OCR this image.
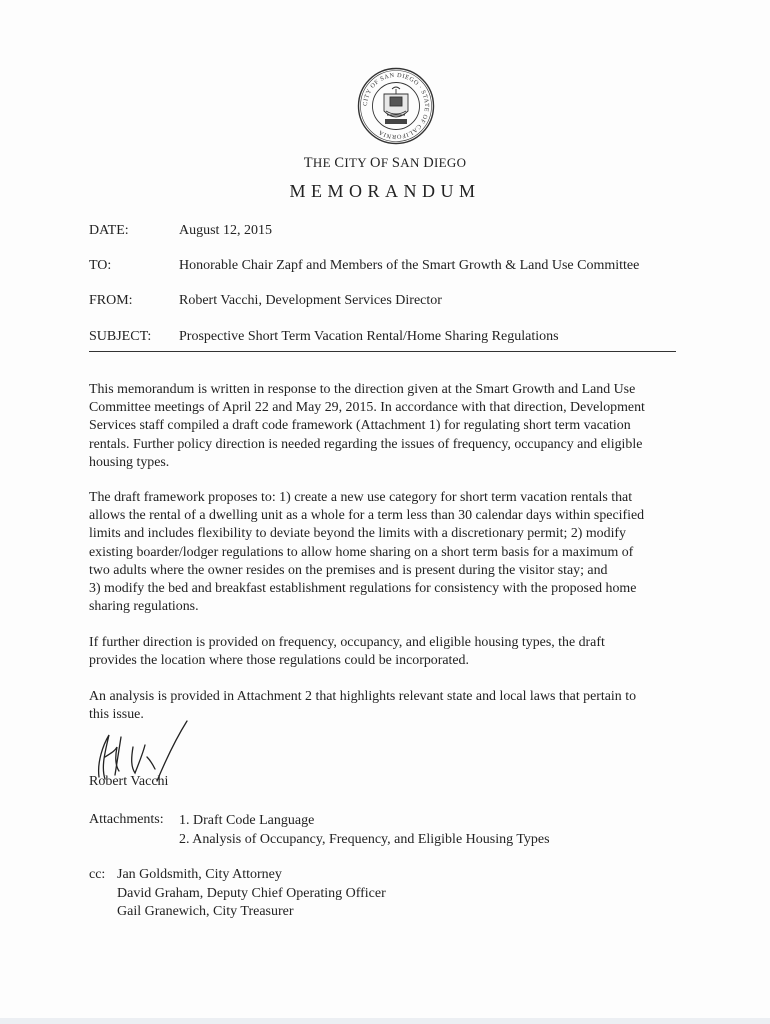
CITY OF SAN DIEGO · STATE OF CALIFORNIA
THE CITY OF SAN DIEGO
MEMORANDUM
DATE:	August 12, 2015
TO:	Honorable Chair Zapf and Members of the Smart Growth & Land Use Committee
FROM:	Robert Vacchi, Development Services Director
SUBJECT: Prospective Short Term Vacation Rental/Home Sharing Regulations

This memorandum is written in response to the direction given at the Smart Growth and Land Use

Committee meetings of April 22 and May 29, 2015. In accordance with that direction, Development

Services staff compiled a draft code framework (Attachment 1) for regulating short term vacation

rentals. Further policy direction is needed regarding the issues of frequency, occupancy and eligible

housing types.

The draft framework proposes to: 1) create a new use category for short term vacation rentals that

allows the rental of a dwelling unit as a whole for a term less than 30 calendar days within specified

limits and includes flexibility to deviate beyond the limits with a discretionary permit; 2) modify

existing boarder/lodger regulations to allow home sharing on a short term basis for a maximum of

two adults where the owner resides on the premises and is present during the visitor stay; and

3) modify the bed and breakfast establishment regulations for consistency with the proposed home

sharing regulations.

If further direction is provided on frequency, occupancy, and eligible housing types, the draft

provides the location where those regulations could be incorporated.

An analysis is provided in Attachment 2 that highlights relevant state and local laws that pertain to

this issue.

Robert Vacchi
Attachments: 1. Draft Code Language
2. Analysis of Occupancy, Frequency, and Eligible Housing Types
cc: Jan Goldsmith, City Attorney
David Graham, Deputy Chief Operating Officer
Gail Granewich, City Treasurer
